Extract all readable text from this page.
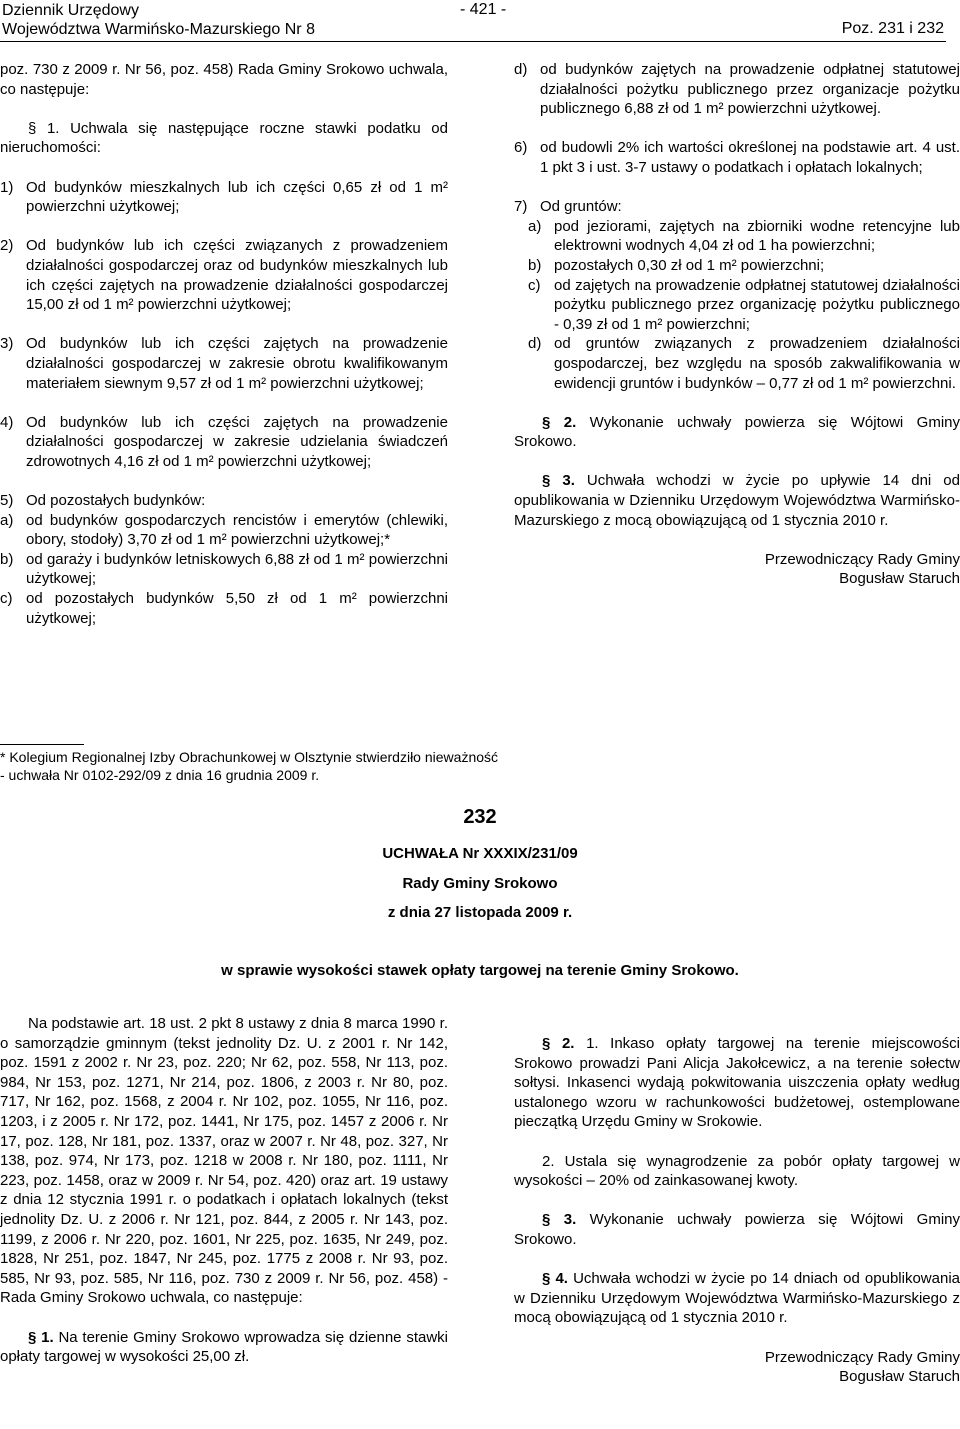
Dziennik Urzędowy
Województwa Warmińsko-Mazurskiego Nr 8
- 421 -
Poz. 231 i 232

poz. 730 z 2009 r. Nr 56, poz. 458) Rada Gminy Srokowo uchwala, co następuje:

§ 1. Uchwala się następujące roczne stawki podatku od nieruchomości:

1) Od budynków mieszkalnych lub ich części 0,65 zł od 1 m² powierzchni użytkowej;
2) Od budynków lub ich części związanych z prowadzeniem działalności gospodarczej oraz od budynków mieszkalnych lub ich części zajętych na prowadzenie działalności gospodarczej 15,00 zł od 1 m² powierzchni użytkowej;
3) Od budynków lub ich części zajętych na prowadzenie działalności gospodarczej w zakresie obrotu kwalifikowanym materiałem siewnym 9,57 zł od 1 m² powierzchni użytkowej;
4) Od budynków lub ich części zajętych na prowadzenie działalności gospodarczej w zakresie udzielania świadczeń zdrowotnych 4,16 zł od 1 m² powierzchni użytkowej;
5) Od pozostałych budynków:
a) od budynków gospodarczych rencistów i emerytów (chlewiki, obory, stodoły) 3,70 zł od 1 m² powierzchni użytkowej;*
b) od garaży i budynków letniskowych 6,88 zł od 1 m² powierzchni użytkowej;
c) od pozostałych budynków 5,50 zł od 1 m² powierzchni użytkowej;
d) od budynków zajętych na prowadzenie odpłatnej statutowej działalności pożytku publicznego przez organizacje pożytku publicznego 6,88 zł od 1 m² powierzchni użytkowej.
6) od budowli 2% ich wartości określonej na podstawie art. 4 ust. 1 pkt 3 i ust. 3-7 ustawy o podatkach i opłatach lokalnych;
7) Od gruntów:
a) pod jeziorami, zajętych na zbiorniki wodne retencyjne lub elektrowni wodnych 4,04 zł od 1 ha powierzchni;
b) pozostałych 0,30 zł od 1 m² powierzchni;
c) od zajętych na prowadzenie odpłatnej statutowej działalności pożytku publicznego przez organizację pożytku publicznego - 0,39 zł od 1 m² powierzchni;
d) od gruntów związanych z prowadzeniem działalności gospodarczej, bez względu na sposób zakwalifikowania w ewidencji gruntów i budynków – 0,77 zł od 1 m² powierzchni.

§ 2. Wykonanie uchwały powierza się Wójtowi Gminy Srokowo.

§ 3. Uchwała wchodzi w życie po upływie 14 dni od opublikowania w Dzienniku Urzędowym Województwa Warmińsko-Mazurskiego z mocą obowiązującą od 1 stycznia 2010 r.

Przewodniczący Rady Gminy

Bogusław Staruch

* Kolegium Regionalnej Izby Obrachunkowej w Olsztynie stwierdziło nieważność
- uchwała Nr 0102-292/09 z dnia 16 grudnia 2009 r.
232
UCHWAŁA Nr XXXIX/231/09
Rady Gminy Srokowo
z dnia 27 listopada 2009 r.
w sprawie wysokości stawek opłaty targowej na terenie Gminy Srokowo.

Na podstawie art. 18 ust. 2 pkt 8 ustawy z dnia 8 marca 1990 r. o samorządzie gminnym (tekst jednolity Dz. U. z 2001 r. Nr 142, poz. 1591 z 2002 r. Nr 23, poz. 220; Nr 62, poz. 558, Nr 113, poz. 984, Nr 153, poz. 1271, Nr 214, poz. 1806, z 2003 r. Nr 80, poz. 717, Nr 162, poz. 1568, z 2004 r. Nr 102, poz. 1055, Nr 116, poz. 1203, i z 2005 r. Nr 172, poz. 1441, Nr 175, poz. 1457 z 2006 r. Nr 17, poz. 128, Nr 181, poz. 1337, oraz w 2007 r. Nr 48, poz. 327, Nr 138, poz. 974, Nr 173, poz. 1218 w 2008 r. Nr 180, poz. 1111, Nr 223, poz. 1458, oraz w 2009 r. Nr 54, poz. 420) oraz art. 19 ustawy z dnia 12 stycznia 1991 r. o podatkach i opłatach lokalnych (tekst jednolity Dz. U. z 2006 r. Nr 121, poz. 844, z 2005 r. Nr 143, poz. 1199, z 2006 r. Nr 220, poz. 1601, Nr 225, poz. 1635, Nr 249, poz. 1828, Nr 251, poz. 1847, Nr 245, poz. 1775 z 2008 r. Nr 93, poz. 585, Nr 93, poz. 585, Nr 116, poz. 730 z 2009 r. Nr 56, poz. 458) - Rada Gminy Srokowo uchwala, co następuje:

§ 1. Na terenie Gminy Srokowo wprowadza się dzienne stawki opłaty targowej w wysokości 25,00 zł.

§ 2. 1. Inkaso opłaty targowej na terenie miejscowości Srokowo prowadzi Pani Alicja Jakołcewicz, a na terenie sołectw sołtysi. Inkasenci wydają pokwitowania uiszczenia opłaty według ustalonego wzoru w rachunkowości budżetowej, ostemplowane pieczątką Urzędu Gminy w Srokowie.

2. Ustala się wynagrodzenie za pobór opłaty targowej w wysokości – 20% od zainkasowanej kwoty.

§ 3. Wykonanie uchwały powierza się Wójtowi Gminy Srokowo.

§ 4. Uchwała wchodzi w życie po 14 dniach od opublikowania w Dzienniku Urzędowym Województwa Warmińsko-Mazurskiego z mocą obowiązującą od 1 stycznia 2010 r.

Przewodniczący Rady Gminy

Bogusław Staruch
